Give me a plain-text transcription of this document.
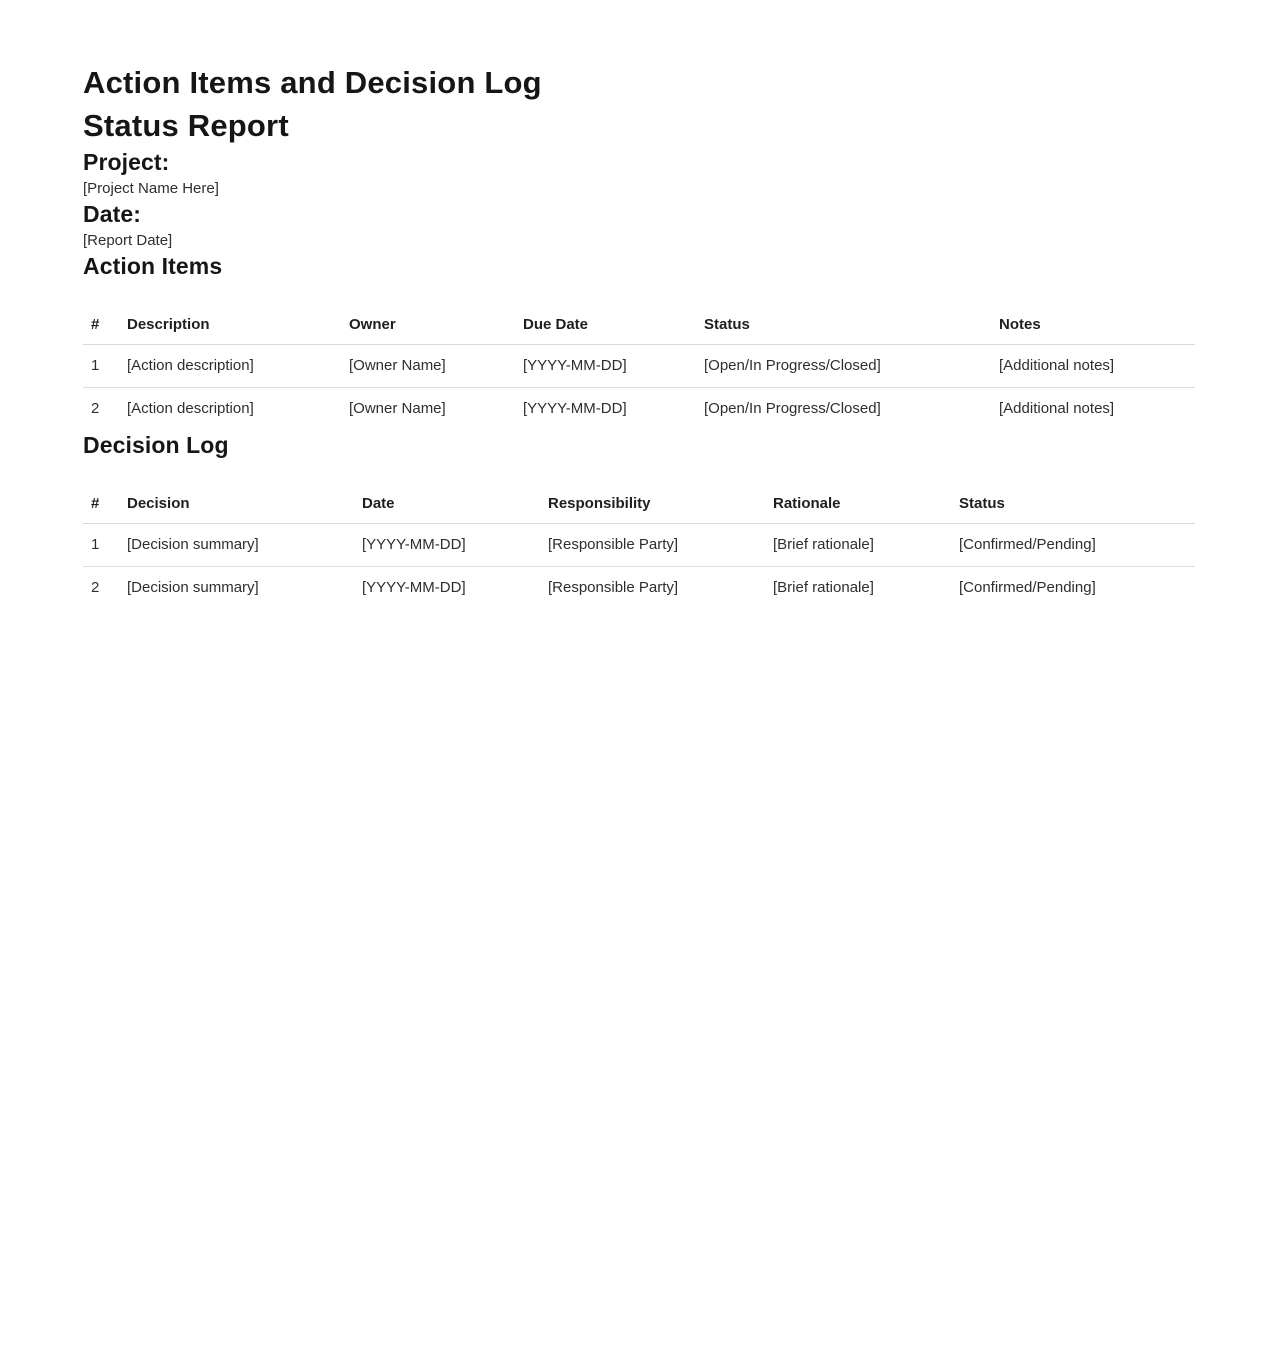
Action Items and Decision Log
Status Report
Project:

[Project Name Here]

Date:

[Report Date]

Action Items
#	Description	Owner	Due Date	Status	Notes
1	[Action description]	[Owner Name]	[YYYY-MM-DD]	[Open/In Progress/Closed]	[Additional notes]
2	[Action description]	[Owner Name]	[YYYY-MM-DD]	[Open/In Progress/Closed]	[Additional notes]
Decision Log
#	Decision	Date	Responsibility	Rationale	Status
1	[Decision summary]	[YYYY-MM-DD]	[Responsible Party]	[Brief rationale]	[Confirmed/Pending]
2	[Decision summary]	[YYYY-MM-DD]	[Responsible Party]	[Brief rationale]	[Confirmed/Pending]
